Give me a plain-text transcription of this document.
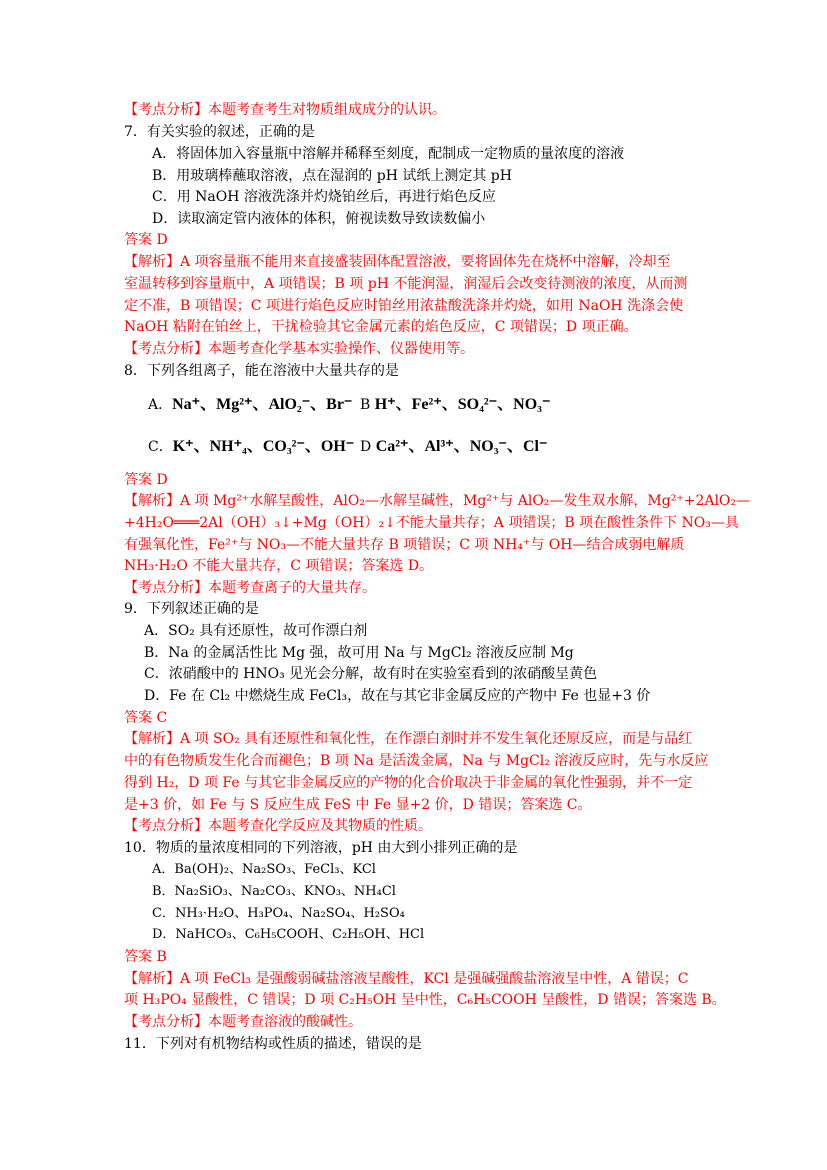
【考点分析】本题考查考生对物质组成成分的认识。
7．有关实验的叙述，正确的是
A．将固体加入容量瓶中溶解并稀释至刻度，配制成一定物质的量浓度的溶液
B．用玻璃棒蘸取溶液，点在湿润的 pH 试纸上测定其 pH
C．用 NaOH 溶液洗涤并灼烧铂丝后，再进行焰色反应
D．读取滴定管内液体的体积，俯视读数导致读数偏小
答案 D
【解析】A 项容量瓶不能用来直接盛装固体配置溶液，要将固体先在烧杯中溶解，冷却至
室温转移到容量瓶中，A 项错误；B 项 pH 不能润湿，润湿后会改变待测液的浓度，从而测
定不准，B 项错误；C 项进行焰色反应时铂丝用浓盐酸洗涤并灼烧，如用 NaOH 洗涤会使
NaOH 粘附在铂丝上，干扰检验其它金属元素的焰色反应，C 项错误；D 项正确。
【考点分析】本题考查化学基本实验操作、仪器使用等。
8．下列各组离子，能在溶液中大量共存的是
A．Na⁺、Mg²⁺、AlO₂⁻、Br⁻ B H⁺、Fe²⁺、SO₄²⁻、NO₃⁻
C．K⁺、NH⁺₄、CO₃²⁻、OH⁻ D Ca²⁺、Al³⁺、NO₃⁻、Cl⁻
答案 D
【解析】A 项 Mg²⁺水解呈酸性，AlO₂—水解呈碱性，Mg²⁺与 AlO₂—发生双水解，Mg²⁺+2AlO₂—
+4H₂O═══2Al（OH）₃↓+Mg（OH）₂↓不能大量共存；A 项错误；B 项在酸性条件下 NO₃—具
有强氧化性，Fe²⁺与 NO₃—不能大量共存 B 项错误；C 项 NH₄⁺与 OH—结合成弱电解质
NH₃·H₂O 不能大量共存，C 项错误；答案选 D。
【考点分析】本题考查离子的大量共存。
9．下列叙述正确的是
A．SO₂ 具有还原性，故可作漂白剂
B．Na 的金属活性比 Mg 强，故可用 Na 与 MgCl₂ 溶液反应制 Mg
C．浓硝酸中的 HNO₃ 见光会分解，故有时在实验室看到的浓硝酸呈黄色
D．Fe 在 Cl₂ 中燃烧生成 FeCl₃，故在与其它非金属反应的产物中 Fe 也显+3 价
答案 C
【解析】A 项 SO₂ 具有还原性和氧化性，在作漂白剂时并不发生氧化还原反应，而是与品红
中的有色物质发生化合而褪色；B 项 Na 是活泼金属，Na 与 MgCl₂ 溶液反应时，先与水反应
得到 H₂，D 项 Fe 与其它非金属反应的产物的化合价取决于非金属的氧化性强弱，并不一定
是+3 价，如 Fe 与 S 反应生成 FeS 中 Fe 显+2 价，D 错误；答案选 C。
【考点分析】本题考查化学反应及其物质的性质。
10．物质的量浓度相同的下列溶液，pH 由大到小排列正确的是
A．Ba(OH)₂、Na₂SO₃、FeCl₃、KCl
B．Na₂SiO₃、Na₂CO₃、KNO₃、NH₄Cl
C．NH₃·H₂O、H₃PO₄、Na₂SO₄、H₂SO₄
D．NaHCO₃、C₆H₅COOH、C₂H₅OH、HCl
答案 B
【解析】A 项 FeCl₃ 是强酸弱碱盐溶液呈酸性，KCl 是强碱强酸盐溶液呈中性，A 错误；C
项 H₃PO₄ 显酸性，C 错误；D 项 C₂H₅OH 呈中性，C₆H₅COOH 呈酸性，D 错误；答案选 B。
【考点分析】本题考查溶液的酸碱性。
11．下列对有机物结构或性质的描述，错误的是
